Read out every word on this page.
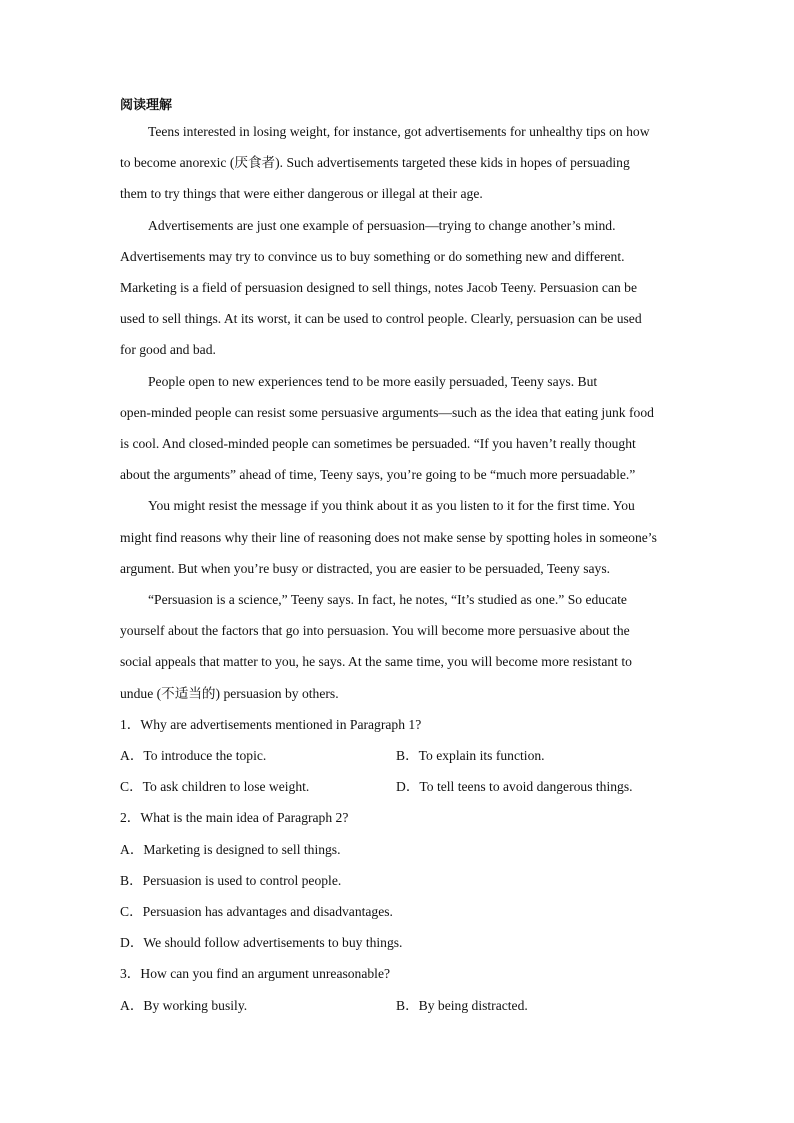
阅读理解
Teens interested in losing weight, for instance, got advertisements for unhealthy tips on how
to become anorexic (厌食者). Such advertisements targeted these kids in hopes of persuading
them to try things that were either dangerous or illegal at their age.
Advertisements are just one example of persuasion—trying to change another’s mind.
Advertisements may try to convince us to buy something or do something new and different.
Marketing is a field of persuasion designed to sell things, notes Jacob Teeny. Persuasion can be
used to sell things. At its worst, it can be used to control people. Clearly, persuasion can be used
for good and bad.
People open to new experiences tend to be more easily persuaded, Teeny says. But
open-minded people can resist some persuasive arguments—such as the idea that eating junk food
is cool. And closed-minded people can sometimes be persuaded. “If you haven’t really thought
about the arguments” ahead of time, Teeny says, you’re going to be “much more persuadable.”
You might resist the message if you think about it as you listen to it for the first time. You
might find reasons why their line of reasoning does not make sense by spotting holes in someone’s
argument. But when you’re busy or distracted, you are easier to be persuaded, Teeny says.
“Persuasion is a science,” Teeny says. In fact, he notes, “It’s studied as one.” So educate
yourself about the factors that go into persuasion. You will become more persuasive about the
social appeals that matter to you, he says. At the same time, you will become more resistant to
undue (不适当的) persuasion by others.
1．Why are advertisements mentioned in Paragraph 1?
A．To introduce the topic.	B．To explain its function.
C．To ask children to lose weight.	D．To tell teens to avoid dangerous things.
2．What is the main idea of Paragraph 2?
A．Marketing is designed to sell things.
B．Persuasion is used to control people.
C．Persuasion has advantages and disadvantages.
D．We should follow advertisements to buy things.
3．How can you find an argument unreasonable?
A．By working busily.	B．By being distracted.
